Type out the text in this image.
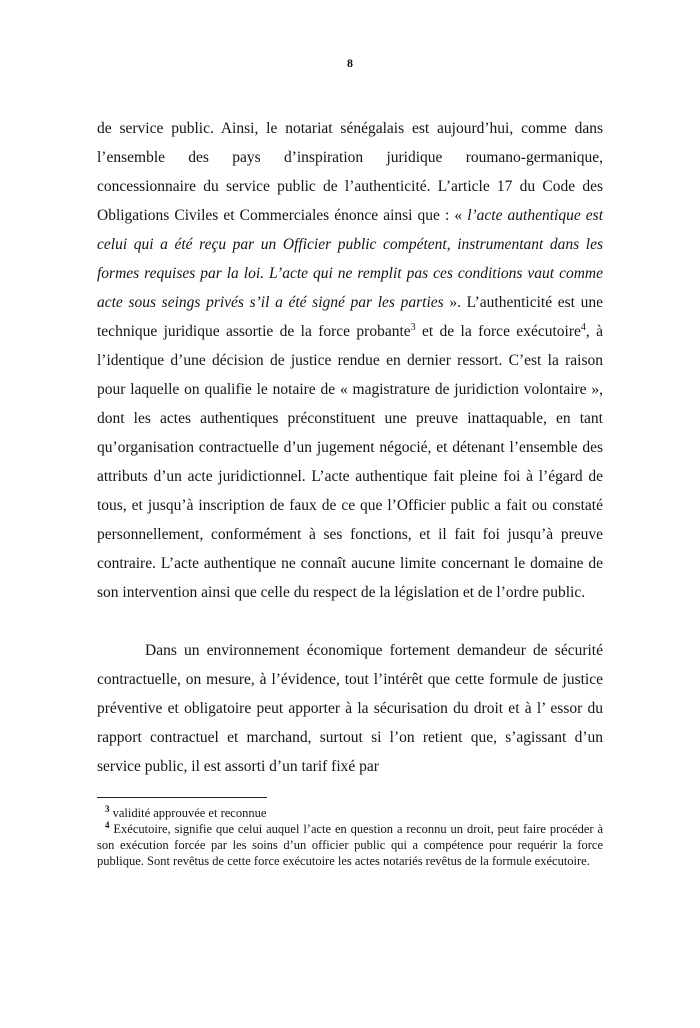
8

de service public. Ainsi, le notariat sénégalais est aujourd’hui, comme dans l’ensemble des pays d’inspiration juridique roumano-germanique, concessionnaire du service public de l’authenticité. L’article 17 du Code des Obligations Civiles et Commerciales énonce ainsi que : « l’acte authentique est celui qui a été reçu par un Officier public compétent, instrumentant dans les formes requises par la loi. L’acte qui ne remplit pas ces conditions vaut comme acte sous seings privés s’il a été signé par les parties ». L’authenticité est une technique juridique assortie de la force probante$^3$ et de la force exécutoire$^4$, à l’identique d’une décision de justice rendue en dernier ressort. C’est la raison pour laquelle on qualifie le notaire de « magistrature de juridiction volontaire », dont les actes authentiques préconstituent une preuve inattaquable, en tant qu’organisation contractuelle d’un jugement négocié, et détenant l’ensemble des attributs d’un acte juridictionnel. L’acte authentique fait pleine foi à l’égard de tous, et jusqu’à inscription de faux de ce que l’Officier public a fait ou constaté personnellement, conformément à ses fonctions, et il fait foi jusqu’à preuve contraire. L’acte authentique ne connaît aucune limite concernant le domaine de son intervention ainsi que celle du respect de la législation et de l’ordre public.

Dans un environnement économique fortement demandeur de sécurité contractuelle, on mesure, à l’évidence, tout l’intérêt que cette formule de justice préventive et obligatoire peut apporter à la sécurisation du droit et à l’ essor du rapport contractuel et marchand, surtout si l’on retient que, s’agissant d’un service public, il est assorti d’un tarif fixé par

$^3$ validité approuvée et reconnue
$^4$ Exécutoire, signifie que celui auquel l’acte en question a reconnu un droit, peut faire procéder à son exécution forcée par les soins d’un officier public qui a compétence pour requérir la force publique. Sont revêtus de cette force exécutoire les actes notariés revêtus de la formule exécutoire.
